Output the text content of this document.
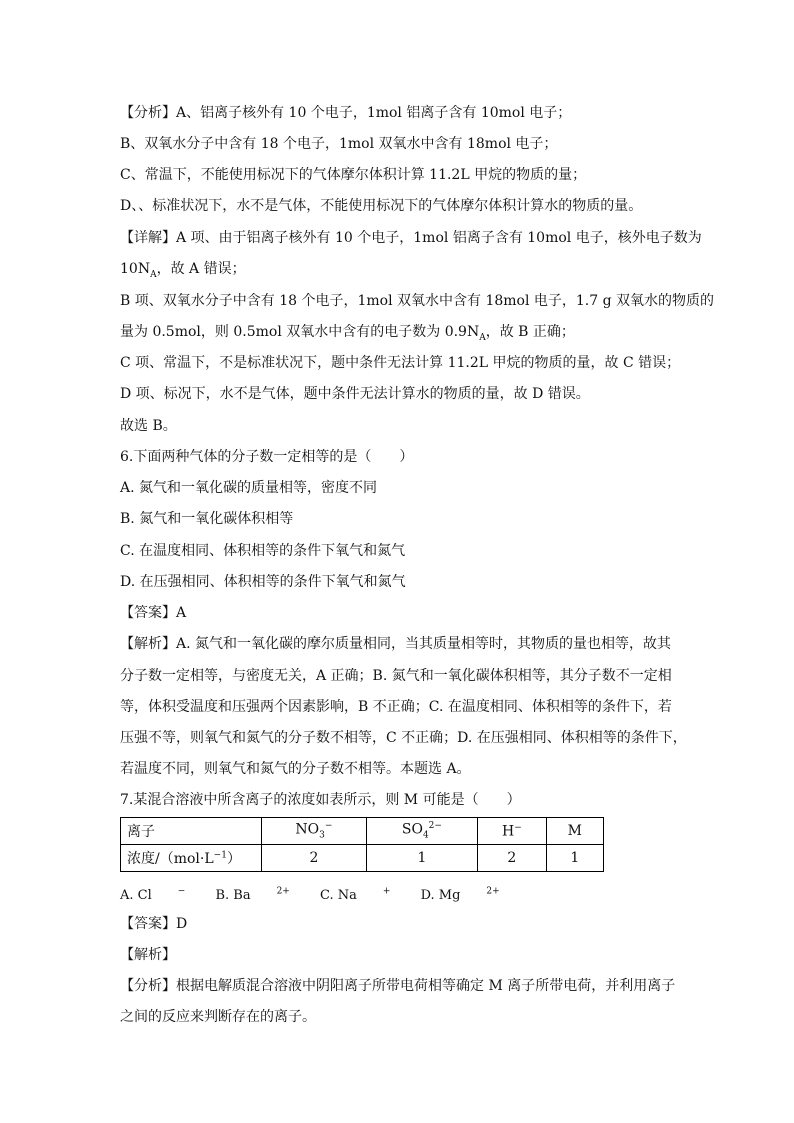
【分析】A、铝离子核外有 10 个电子，1mol 铝离子含有 10mol 电子；
B、双氧水分子中含有 18 个电子，1mol 双氧水中含有 18mol 电子；
C、常温下，不能使用标况下的气体摩尔体积计算 11.2L 甲烷的物质的量；
D、、标准状况下，水不是气体，不能使用标况下的气体摩尔体积计算水的物质的量。
【详解】A 项、由于铝离子核外有 10 个电子，1mol 铝离子含有 10mol 电子，核外电子数为
$10N_A$，故 A 错误；
B 项、双氧水分子中含有 18 个电子，1mol 双氧水中含有 18mol 电子，1.7 g 双氧水的物质的
量为 0.5mol，则 0.5mol 双氧水中含有的电子数为 $0.9N_A$，故 B 正确；
C 项、常温下，不是标准状况下，题中条件无法计算 11.2L 甲烷的物质的量，故 C 错误；
D 项、标况下，水不是气体，题中条件无法计算水的物质的量，故 D 错误。
故选 B。
6.下面两种气体的分子数一定相等的是（　　）
A. 氮气和一氧化碳的质量相等，密度不同
B. 氮气和一氧化碳体积相等
C. 在温度相同、体积相等的条件下氧气和氮气
D. 在压强相同、体积相等的条件下氧气和氮气
【答案】A
【解析】A. 氮气和一氧化碳的摩尔质量相同，当其质量相等时，其物质的量也相等，故其
分子数一定相等，与密度无关，A 正确；B. 氮气和一氧化碳体积相等，其分子数不一定相
等，体积受温度和压强两个因素影响，B 不正确；C. 在温度相同、体积相等的条件下，若
压强不等，则氧气和氮气的分子数不相等，C 不正确；D. 在压强相同、体积相等的条件下，
若温度不同，则氧气和氮气的分子数不相等。本题选 A。
7.某混合溶液中所含离子的浓度如表所示，则 M 可能是（　　）
离子	$NO_3^-$	$SO_4^{2-}$	H−	M
浓度$/(mol\cdot L^{-1})$	2	1	2	1
A. Cl	− B. Ba	$^{2+}$ C. Na	+ D. Mg	$^{2+}$
【答案】D
【解析】
【分析】根据电解质混合溶液中阴阳离子所带电荷相等确定 M 离子所带电荷，并利用离子
之间的反应来判断存在的离子。
